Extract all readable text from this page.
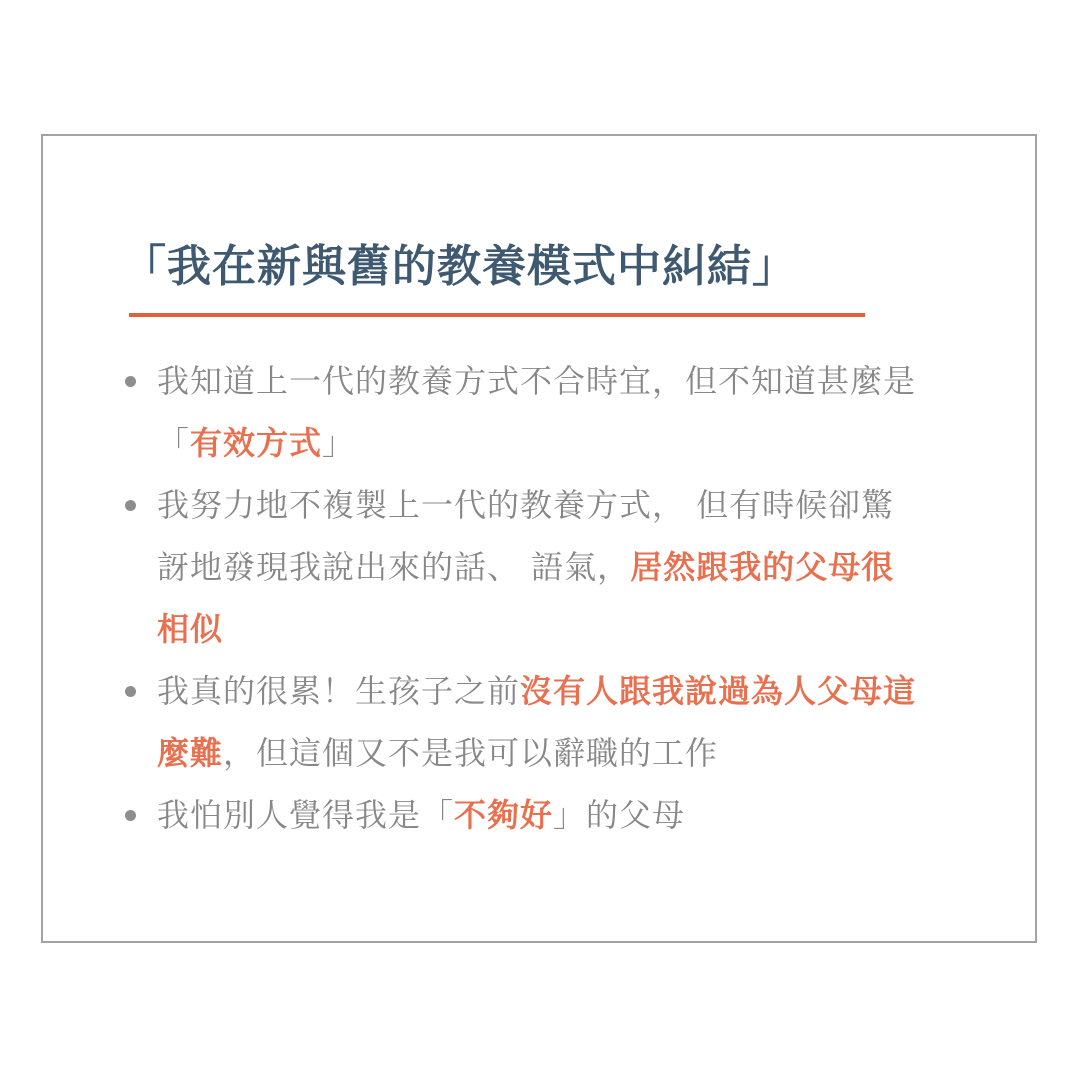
「我在新與舊的教養模式中糾結」
我知道上一代的教養方式不合時宜，但不知道甚麼是「有效方式」
我努力地不複製上一代的教養方式， 但有時候卻驚訝地發現我說出來的話、 語氣，居然跟我的父母很相似
我真的很累！生孩子之前沒有人跟我說過為人父母這麼難，但這個又不是我可以辭職的工作
我怕別人覺得我是「不夠好」的父母
